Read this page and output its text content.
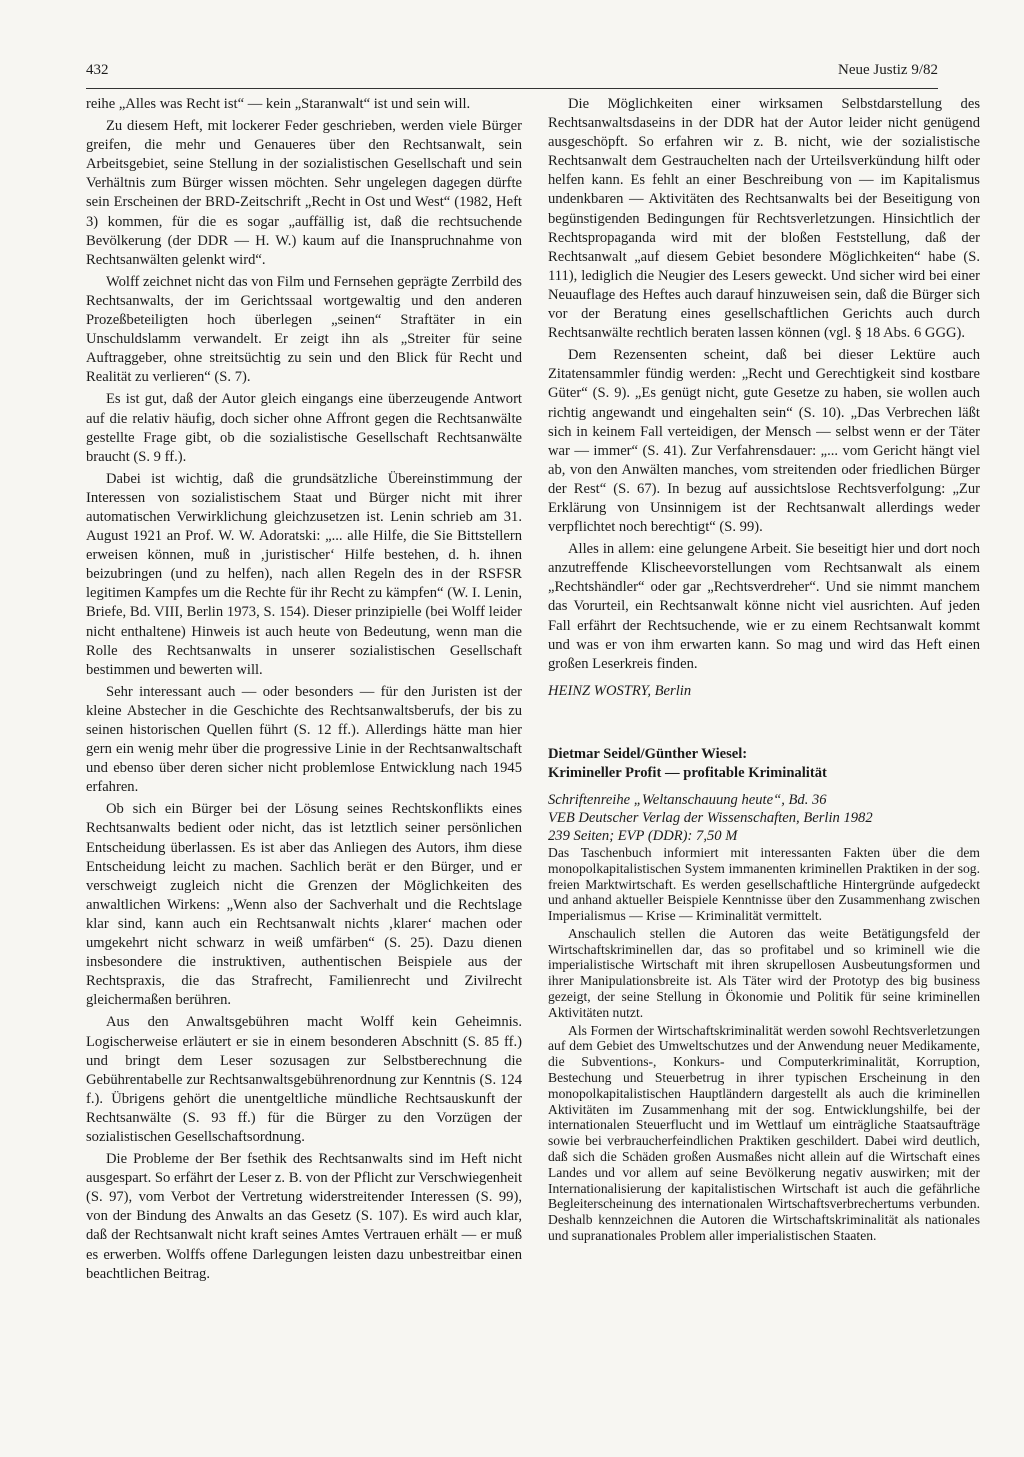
432	Neue Justiz 9/82

reihe „Alles was Recht ist“ — kein „Staranwalt“ ist und sein will.

Zu diesem Heft, mit lockerer Feder geschrieben, werden viele Bürger greifen, die mehr und Genaueres über den Rechtsanwalt, sein Arbeitsgebiet, seine Stellung in der sozialistischen Gesellschaft und sein Verhältnis zum Bürger wissen möchten. Sehr ungelegen dagegen dürfte sein Erscheinen der BRD-Zeitschrift „Recht in Ost und West“ (1982, Heft 3) kommen, für die es sogar „auffällig ist, daß die rechtsuchende Bevölkerung (der DDR — H. W.) kaum auf die Inanspruchnahme von Rechtsanwälten gelenkt wird“.

Wolff zeichnet nicht das von Film und Fernsehen geprägte Zerrbild des Rechtsanwalts, der im Gerichtssaal wortgewaltig und den anderen Prozeßbeteiligten hoch überlegen „seinen“ Straftäter in ein Unschuldslamm verwandelt. Er zeigt ihn als „Streiter für seine Auftraggeber, ohne streitsüchtig zu sein und den Blick für Recht und Realität zu verlieren“ (S. 7).

Es ist gut, daß der Autor gleich eingangs eine überzeugende Antwort auf die relativ häufig, doch sicher ohne Affront gegen die Rechtsanwälte gestellte Frage gibt, ob die sozialistische Gesellschaft Rechtsanwälte braucht (S. 9 ff.).

Dabei ist wichtig, daß die grundsätzliche Übereinstimmung der Interessen von sozialistischem Staat und Bürger nicht mit ihrer automatischen Verwirklichung gleichzusetzen ist. Lenin schrieb am 31. August 1921 an Prof. W. W. Adoratski: „... alle Hilfe, die Sie Bittstellern erweisen können, muß in ‚juristischer‘ Hilfe bestehen, d. h. ihnen beizubringen (und zu helfen), nach allen Regeln des in der RSFSR legitimen Kampfes um die Rechte für ihr Recht zu kämpfen“ (W. I. Lenin, Briefe, Bd. VIII, Berlin 1973, S. 154). Dieser prinzipielle (bei Wolff leider nicht enthaltene) Hinweis ist auch heute von Bedeutung, wenn man die Rolle des Rechtsanwalts in unserer sozialistischen Gesellschaft bestimmen und bewerten will.

Sehr interessant auch — oder besonders — für den Juristen ist der kleine Abstecher in die Geschichte des Rechtsanwaltsberufs, der bis zu seinen historischen Quellen führt (S. 12 ff.). Allerdings hätte man hier gern ein wenig mehr über die progressive Linie in der Rechtsanwaltschaft und ebenso über deren sicher nicht problemlose Entwicklung nach 1945 erfahren.

Ob sich ein Bürger bei der Lösung seines Rechtskonflikts eines Rechtsanwalts bedient oder nicht, das ist letztlich seiner persönlichen Entscheidung überlassen. Es ist aber das Anliegen des Autors, ihm diese Entscheidung leicht zu machen. Sachlich berät er den Bürger, und er verschweigt zugleich nicht die Grenzen der Möglichkeiten des anwaltlichen Wirkens: „Wenn also der Sachverhalt und die Rechtslage klar sind, kann auch ein Rechtsanwalt nichts ‚klarer‘ machen oder umgekehrt nicht schwarz in weiß umfärben“ (S. 25). Dazu dienen insbesondere die instruktiven, authentischen Beispiele aus der Rechtspraxis, die das Strafrecht, Familienrecht und Zivilrecht gleichermaßen berühren.

Aus den Anwaltsgebühren macht Wolff kein Geheimnis. Logischerweise erläutert er sie in einem besonderen Abschnitt (S. 85 ff.) und bringt dem Leser sozusagen zur Selbstberechnung die Gebührentabelle zur Rechtsanwaltsgebührenordnung zur Kenntnis (S. 124 f.). Übrigens gehört die unentgeltliche mündliche Rechtsauskunft der Rechtsanwälte (S. 93 ff.) für die Bürger zu den Vorzügen der sozialistischen Gesellschaftsordnung.

Die Probleme der Ber fsethik des Rechtsanwalts sind im Heft nicht ausgespart. So erfährt der Leser z. B. von der Pflicht zur Verschwiegenheit (S. 97), vom Verbot der Vertretung widerstreitender Interessen (S. 99), von der Bindung des Anwalts an das Gesetz (S. 107). Es wird auch klar, daß der Rechtsanwalt nicht kraft seines Amtes Vertrauen erhält — er muß es erwerben. Wolffs offene Darlegungen leisten dazu unbestreitbar einen beachtlichen Beitrag.

Die Möglichkeiten einer wirksamen Selbstdarstellung des Rechtsanwaltsdaseins in der DDR hat der Autor leider nicht genügend ausgeschöpft. So erfahren wir z. B. nicht, wie der sozialistische Rechtsanwalt dem Gestrauchelten nach der Urteilsverkündung hilft oder helfen kann. Es fehlt an einer Beschreibung von — im Kapitalismus undenkbaren — Aktivitäten des Rechtsanwalts bei der Beseitigung von begünstigenden Bedingungen für Rechtsverletzungen. Hinsichtlich der Rechtspropaganda wird mit der bloßen Feststellung, daß der Rechtsanwalt „auf diesem Gebiet besondere Möglichkeiten“ habe (S. 111), lediglich die Neugier des Lesers geweckt. Und sicher wird bei einer Neuauflage des Heftes auch darauf hinzuweisen sein, daß die Bürger sich vor der Beratung eines gesellschaftlichen Gerichts auch durch Rechtsanwälte rechtlich beraten lassen können (vgl. § 18 Abs. 6 GGG).

Dem Rezensenten scheint, daß bei dieser Lektüre auch Zitatensammler fündig werden: „Recht und Gerechtigkeit sind kostbare Güter“ (S. 9). „Es genügt nicht, gute Gesetze zu haben, sie wollen auch richtig angewandt und eingehalten sein“ (S. 10). „Das Verbrechen läßt sich in keinem Fall verteidigen, der Mensch — selbst wenn er der Täter war — immer“ (S. 41). Zur Verfahrensdauer: „... vom Gericht hängt viel ab, von den Anwälten manches, vom streitenden oder friedlichen Bürger der Rest“ (S. 67). In bezug auf aussichtslose Rechtsverfolgung: „Zur Erklärung von Unsinnigem ist der Rechtsanwalt allerdings weder verpflichtet noch berechtigt“ (S. 99).

Alles in allem: eine gelungene Arbeit. Sie beseitigt hier und dort noch anzutreffende Klischeevorstellungen vom Rechtsanwalt als einem „Rechtshändler“ oder gar „Rechtsverdreher“. Und sie nimmt manchem das Vorurteil, ein Rechtsanwalt könne nicht viel ausrichten. Auf jeden Fall erfährt der Rechtsuchende, wie er zu einem Rechtsanwalt kommt und was er von ihm erwarten kann. So mag und wird das Heft einen großen Leserkreis finden.

HEINZ WOSTRY, Berlin
Dietmar Seidel/Günther Wiesel:
Krimineller Profit — profitable Kriminalität
Schriftenreihe „Weltanschauung heute“, Bd. 36
VEB Deutscher Verlag der Wissenschaften, Berlin 1982
239 Seiten; EVP (DDR): 7,50 M

Das Taschenbuch informiert mit interessanten Fakten über die dem monopolkapitalistischen System immanenten kriminellen Praktiken in der sog. freien Marktwirtschaft. Es werden gesellschaftliche Hintergründe aufgedeckt und anhand aktueller Beispiele Kenntnisse über den Zusammenhang zwischen Imperialismus — Krise — Kriminalität vermittelt.

Anschaulich stellen die Autoren das weite Betätigungsfeld der Wirtschaftskriminellen dar, das so profitabel und so kriminell wie die imperialistische Wirtschaft mit ihren skrupellosen Ausbeutungsformen und ihrer Manipulationsbreite ist. Als Täter wird der Prototyp des big business gezeigt, der seine Stellung in Ökonomie und Politik für seine kriminellen Aktivitäten nutzt.

Als Formen der Wirtschaftskriminalität werden sowohl Rechtsverletzungen auf dem Gebiet des Umweltschutzes und der Anwendung neuer Medikamente, die Subventions-, Konkurs- und Computerkriminalität, Korruption, Bestechung und Steuerbetrug in ihrer typischen Erscheinung in den monopolkapitalistischen Hauptländern dargestellt als auch die kriminellen Aktivitäten im Zusammenhang mit der sog. Entwicklungshilfe, bei der internationalen Steuerflucht und im Wettlauf um einträgliche Staatsaufträge sowie bei verbraucherfeindlichen Praktiken geschildert. Dabei wird deutlich, daß sich die Schäden großen Ausmaßes nicht allein auf die Wirtschaft eines Landes und vor allem auf seine Bevölkerung negativ auswirken; mit der Internationalisierung der kapitalistischen Wirtschaft ist auch die gefährliche Begleiterscheinung des internationalen Wirtschaftsverbrechertums verbunden. Deshalb kennzeichnen die Autoren die Wirtschaftskriminalität als nationales und supranationales Problem aller imperialistischen Staaten.
